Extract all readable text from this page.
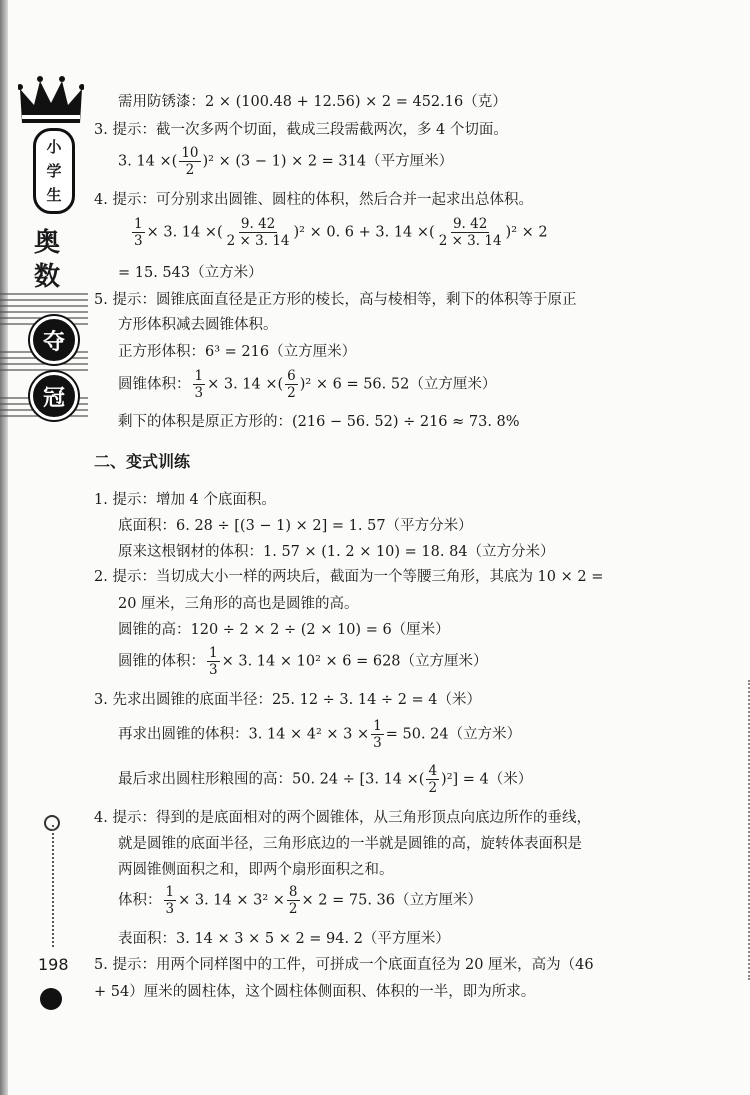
小
学
生
奥
数
夺
冠
198
需用防锈漆：2 × (100.48 + 12.56) × 2 = 452.16（克）
3. 提示：截一次多两个切面，截成三段需截两次，多 4 个切面。
3. 14 ×( $\frac{10}{2} )^2 \times (3 - 1) \times 2 = 314$（平方厘米）
4. 提示：可分别求出圆锥、圆柱的体积，然后合并一起求出总体积。
$\frac{1}{3} \times 3$. 14 ×( $\frac{9. 42}{2 \times 3. 14} )^2 \times 0$. 6 + 3. 14 ×( $\frac{9. 42}{2 \times 3. 14} )^2 \times 2$
= 15. 543（立方米）
5. 提示：圆锥底面直径是正方形的棱长，高与棱相等，剩下的体积等于原正
方形体积减去圆锥体积。
正方形体积：6³ = 216（立方厘米）
圆锥体积： $\frac{1}{3} \times 3$. 14 ×( $\frac{6}{2} )^2 \times 6 = 56$. 52（立方厘米）
剩下的体积是原正方形的：(216 − 56. 52) ÷ 216 ≈ 73. 8%
二、变式训练
1. 提示：增加 4 个底面积。
底面积：6. 28 ÷ [(3 − 1) × 2] = 1. 57（平方分米）
原来这根钢材的体积：1. 57 × (1. 2 × 10) = 18. 84（立方分米）
2. 提示：当切成大小一样的两块后，截面为一个等腰三角形，其底为 10 × 2 =
20 厘米，三角形的高也是圆锥的高。
圆锥的高：120 ÷ 2 × 2 ÷ (2 × 10) = 6（厘米）
圆锥的体积： $\frac{1}{3} \times 3$. 14 × 10² × 6 = 628（立方厘米）
3. 先求出圆锥的底面半径：25. 12 ÷ 3. 14 ÷ 2 = 4（米）
再求出圆锥的体积：3. $14 \times 4^2 \times 3 \times \frac{1}{3} = 50$. 24（立方米）
最后求出圆柱形粮囤的高：50. 24 ÷ [3. 14 ×( $\frac{4}{2} )^2] = 4$（米）
4. 提示：得到的是底面相对的两个圆锥体，从三角形顶点向底边所作的垂线，
就是圆锥的底面半径，三角形底边的一半就是圆锥的高，旋转体表面积是
两圆锥侧面积之和，即两个扇形面积之和。
体积： $\frac{1}{3} \times 3$. $14 \times 3^2 \times \frac{8}{2} \times 2 = 75$. 36（立方厘米）
表面积：3. 14 × 3 × 5 × 2 = 94. 2（平方厘米）
5. 提示：用两个同样图中的工件，可拼成一个底面直径为 20 厘米，高为（46
+ 54）厘米的圆柱体，这个圆柱体侧面积、体积的一半，即为所求。
